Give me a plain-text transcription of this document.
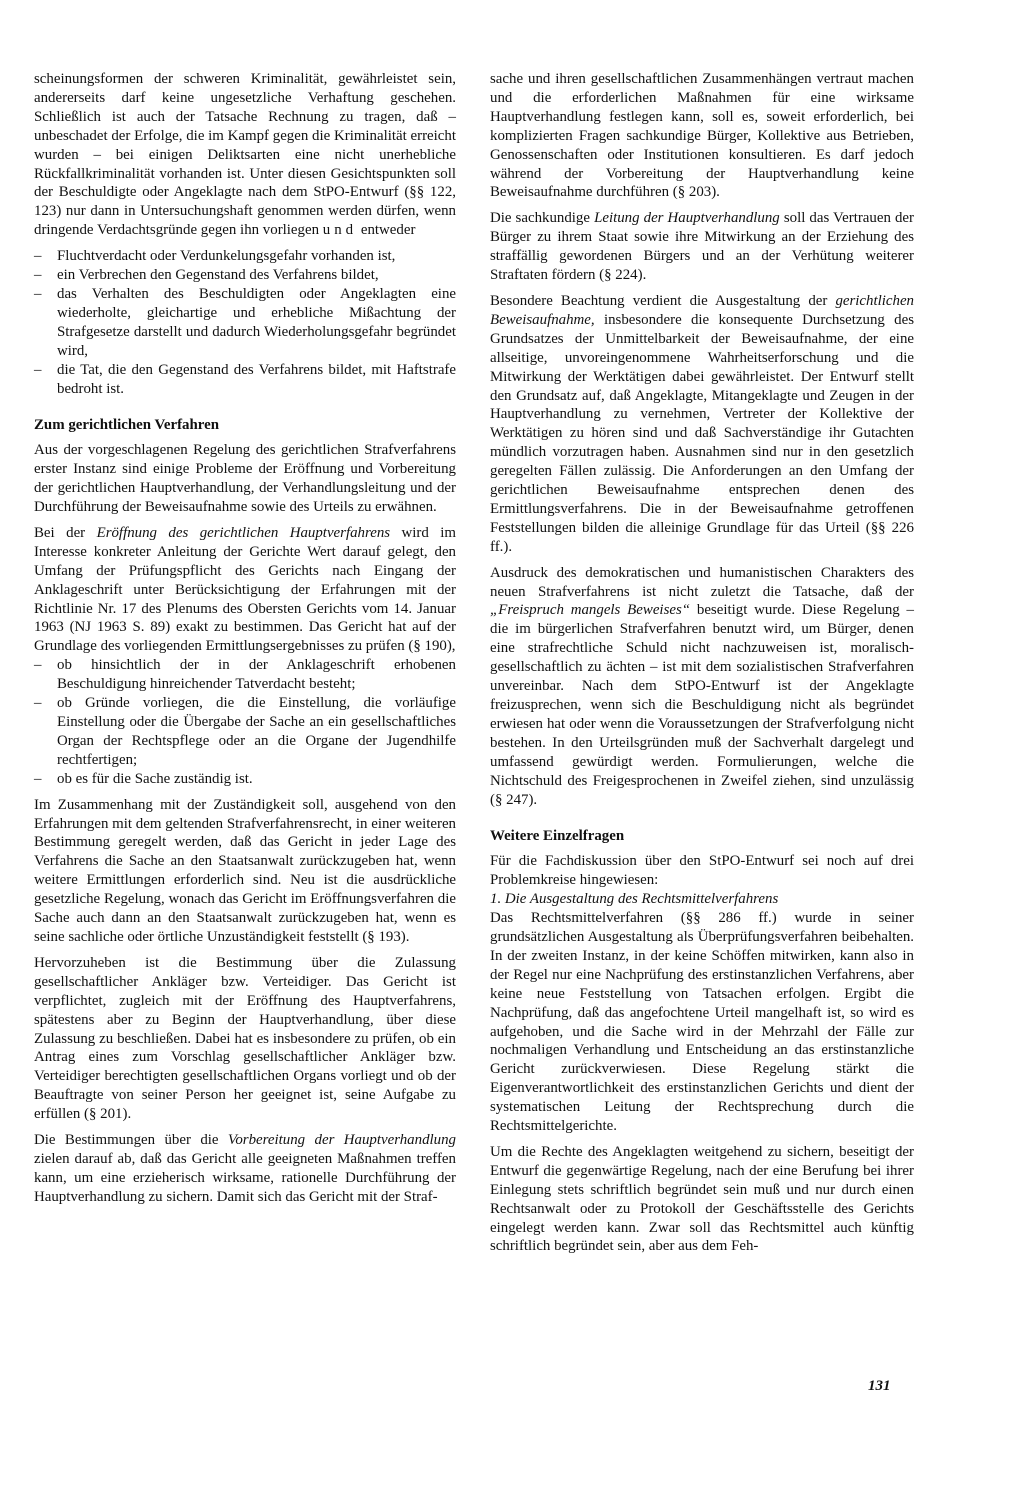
scheinungsformen der schweren Kriminalität, gewährleistet sein, andererseits darf keine ungesetzliche Verhaftung geschehen. Schließlich ist auch der Tatsache Rechnung zu tragen, daß – unbeschadet der Erfolge, die im Kampf gegen die Kriminalität erreicht wurden – bei einigen Deliktsarten eine nicht unerhebliche Rückfallkriminalität vorhanden ist. Unter diesen Gesichtspunkten soll der Beschuldigte oder Angeklagte nach dem StPO-Entwurf (§§ 122, 123) nur dann in Untersuchungshaft genommen werden dürfen, wenn dringende Verdachtsgründe gegen ihn vorliegen und entweder

– Fluchtverdacht oder Verdunkelungsgefahr vorhanden ist,
– ein Verbrechen den Gegenstand des Verfahrens bildet,
– das Verhalten des Beschuldigten oder Angeklagten eine wiederholte, gleichartige und erhebliche Mißachtung der Strafgesetze darstellt und dadurch Wiederholungsgefahr begründet wird,
– die Tat, die den Gegenstand des Verfahrens bildet, mit Haftstrafe bedroht ist.
Zum gerichtlichen Verfahren

Aus der vorgeschlagenen Regelung des gerichtlichen Strafverfahrens erster Instanz sind einige Probleme der Eröffnung und Vorbereitung der gerichtlichen Hauptverhandlung, der Verhandlungsleitung und der Durchführung der Beweisaufnahme sowie des Urteils zu erwähnen.

Bei der Eröffnung des gerichtlichen Hauptverfahrens wird im Interesse konkreter Anleitung der Gerichte Wert darauf gelegt, den Umfang der Prüfungspflicht des Gerichts nach Eingang der Anklageschrift unter Berücksichtigung der Erfahrungen mit der Richtlinie Nr. 17 des Plenums des Obersten Gerichts vom 14. Januar 1963 (NJ 1963 S. 89) exakt zu bestimmen. Das Gericht hat auf der Grundlage des vorliegenden Ermittlungsergebnisses zu prüfen (§ 190),

– ob hinsichtlich der in der Anklageschrift erhobenen Beschuldigung hinreichender Tatverdacht besteht;
– ob Gründe vorliegen, die die Einstellung, die vorläufige Einstellung oder die Übergabe der Sache an ein gesellschaftliches Organ der Rechtspflege oder an die Organe der Jugendhilfe rechtfertigen;
– ob es für die Sache zuständig ist.

Im Zusammenhang mit der Zuständigkeit soll, ausgehend von den Erfahrungen mit dem geltenden Strafverfahrensrecht, in einer weiteren Bestimmung geregelt werden, daß das Gericht in jeder Lage des Verfahrens die Sache an den Staatsanwalt zurückzugeben hat, wenn weitere Ermittlungen erforderlich sind. Neu ist die ausdrückliche gesetzliche Regelung, wonach das Gericht im Eröffnungsverfahren die Sache auch dann an den Staatsanwalt zurückzugeben hat, wenn es seine sachliche oder örtliche Unzuständigkeit feststellt (§ 193).

Hervorzuheben ist die Bestimmung über die Zulassung gesellschaftlicher Ankläger bzw. Verteidiger. Das Gericht ist verpflichtet, zugleich mit der Eröffnung des Hauptverfahrens, spätestens aber zu Beginn der Hauptverhandlung, über diese Zulassung zu beschließen. Dabei hat es insbesondere zu prüfen, ob ein Antrag eines zum Vorschlag gesellschaftlicher Ankläger bzw. Verteidiger berechtigten gesellschaftlichen Organs vorliegt und ob der Beauftragte von seiner Person her geeignet ist, seine Aufgabe zu erfüllen (§ 201).

Die Bestimmungen über die Vorbereitung der Hauptverhandlung zielen darauf ab, daß das Gericht alle geeigneten Maßnahmen treffen kann, um eine erzieherisch wirksame, rationelle Durchführung der Hauptverhandlung zu sichern. Damit sich das Gericht mit der Straf-

sache und ihren gesellschaftlichen Zusammenhängen vertraut machen und die erforderlichen Maßnahmen für eine wirksame Hauptverhandlung festlegen kann, soll es, soweit erforderlich, bei komplizierten Fragen sachkundige Bürger, Kollektive aus Betrieben, Genossenschaften oder Institutionen konsultieren. Es darf jedoch während der Vorbereitung der Hauptverhandlung keine Beweisaufnahme durchführen (§ 203).

Die sachkundige Leitung der Hauptverhandlung soll das Vertrauen der Bürger zu ihrem Staat sowie ihre Mitwirkung an der Erziehung des straffällig gewordenen Bürgers und an der Verhütung weiterer Straftaten fördern (§ 224).

Besondere Beachtung verdient die Ausgestaltung der gerichtlichen Beweisaufnahme, insbesondere die konsequente Durchsetzung des Grundsatzes der Unmittelbarkeit der Beweisaufnahme, der eine allseitige, unvoreingenommene Wahrheitserforschung und die Mitwirkung der Werktätigen dabei gewährleistet. Der Entwurf stellt den Grundsatz auf, daß Angeklagte, Mitangeklagte und Zeugen in der Hauptverhandlung zu vernehmen, Vertreter der Kollektive der Werktätigen zu hören sind und daß Sachverständige ihr Gutachten mündlich vorzutragen haben. Ausnahmen sind nur in den gesetzlich geregelten Fällen zulässig. Die Anforderungen an den Umfang der gerichtlichen Beweisaufnahme entsprechen denen des Ermittlungsverfahrens. Die in der Beweisaufnahme getroffenen Feststellungen bilden die alleinige Grundlage für das Urteil (§§ 226 ff.).

Ausdruck des demokratischen und humanistischen Charakters des neuen Strafverfahrens ist nicht zuletzt die Tatsache, daß der „Freispruch mangels Beweises“ beseitigt wurde. Diese Regelung – die im bürgerlichen Strafverfahren benutzt wird, um Bürger, denen eine strafrechtliche Schuld nicht nachzuweisen ist, moralisch-gesellschaftlich zu ächten – ist mit dem sozialistischen Strafverfahren unvereinbar. Nach dem StPO-Entwurf ist der Angeklagte freizusprechen, wenn sich die Beschuldigung nicht als begründet erwiesen hat oder wenn die Voraussetzungen der Strafverfolgung nicht bestehen. In den Urteilsgründen muß der Sachverhalt dargelegt und umfassend gewürdigt werden. Formulierungen, welche die Nichtschuld des Freigesprochenen in Zweifel ziehen, sind unzulässig (§ 247).

Weitere Einzelfragen

Für die Fachdiskussion über den StPO-Entwurf sei noch auf drei Problemkreise hingewiesen:

1. Die Ausgestaltung des Rechtsmittelverfahrens

Das Rechtsmittelverfahren (§§ 286 ff.) wurde in seiner grundsätzlichen Ausgestaltung als Überprüfungsverfahren beibehalten. In der zweiten Instanz, in der keine Schöffen mitwirken, kann also in der Regel nur eine Nachprüfung des erstinstanzlichen Verfahrens, aber keine neue Feststellung von Tatsachen erfolgen. Ergibt die Nachprüfung, daß das angefochtene Urteil mangelhaft ist, so wird es aufgehoben, und die Sache wird in der Mehrzahl der Fälle zur nochmaligen Verhandlung und Entscheidung an das erstinstanzliche Gericht zurückverwiesen. Diese Regelung stärkt die Eigenverantwortlichkeit des erstinstanzlichen Gerichts und dient der systematischen Leitung der Rechtsprechung durch die Rechtsmittelgerichte.

Um die Rechte des Angeklagten weitgehend zu sichern, beseitigt der Entwurf die gegenwärtige Regelung, nach der eine Berufung bei ihrer Einlegung stets schriftlich begründet sein muß und nur durch einen Rechtsanwalt oder zu Protokoll der Geschäftsstelle des Gerichts eingelegt werden kann. Zwar soll das Rechtsmittel auch künftig schriftlich begründet sein, aber aus dem Feh-

131
